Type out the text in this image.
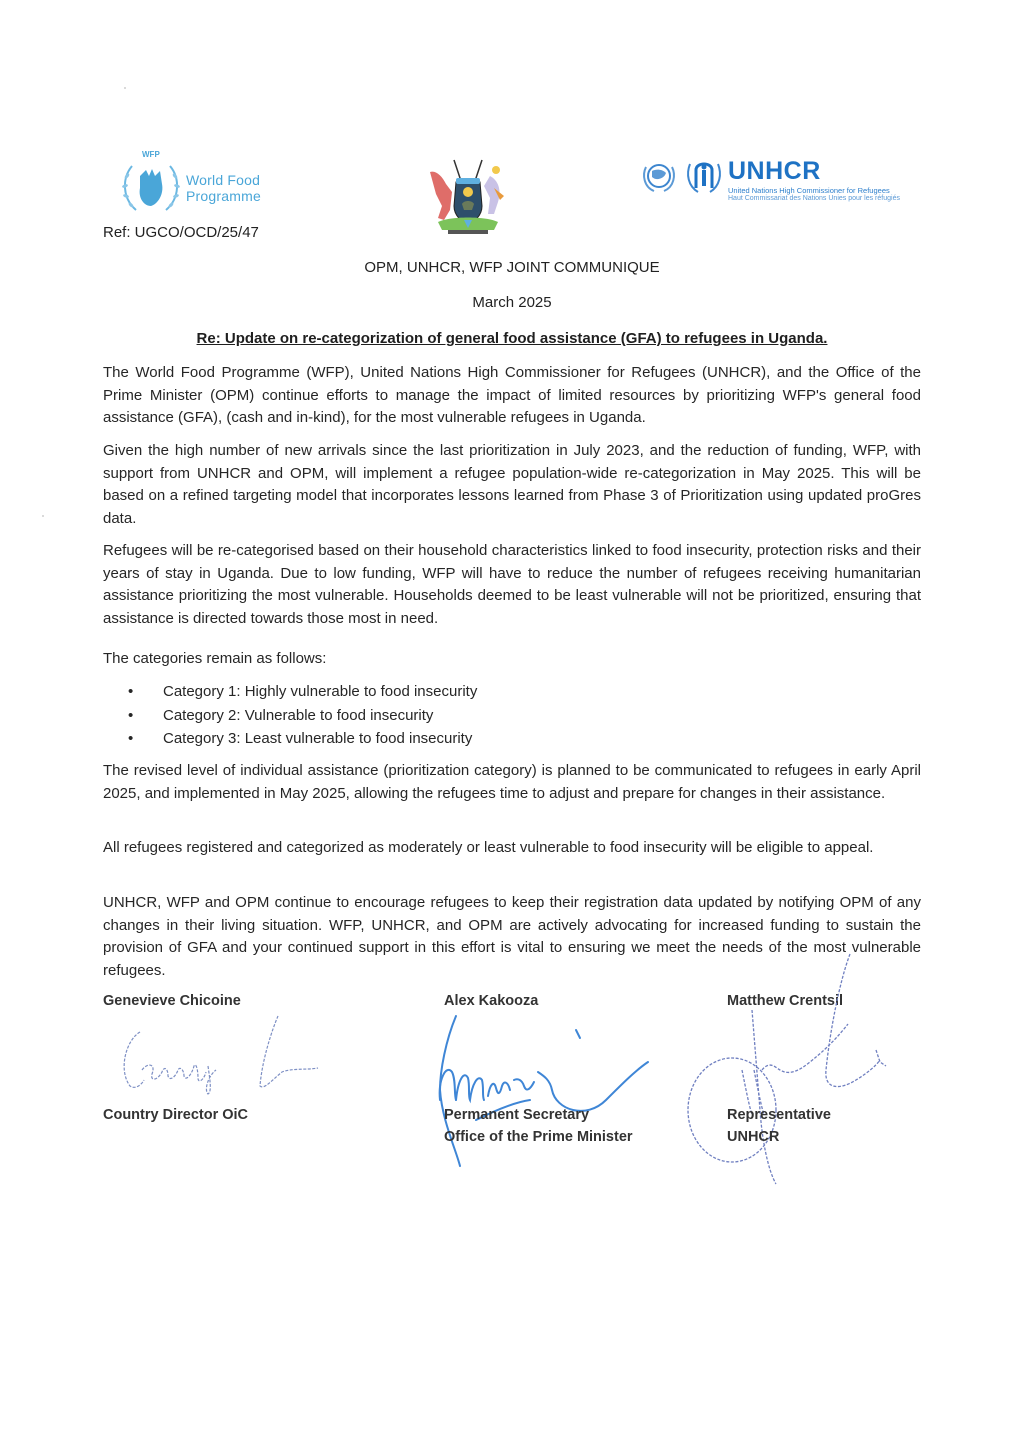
WFP
World Food
Programme
Ref: UGCO/OCD/25/47
UNHCR
United Nations High Commissioner for Refugees
Haut Commissariat des Nations Unies pour les réfugiés
OPM, UNHCR, WFP JOINT COMMUNIQUE
March 2025
Re: Update on re-categorization of general food assistance (GFA) to refugees in Uganda.

The World Food Programme (WFP), United Nations High Commissioner for Refugees (UNHCR), and the Office of the Prime Minister (OPM) continue efforts to manage the impact of limited resources by prioritizing WFP's general food assistance (GFA), (cash and in-kind), for the most vulnerable refugees in Uganda.

Given the high number of new arrivals since the last prioritization in July 2023, and the reduction of funding, WFP, with support from UNHCR and OPM, will implement a refugee population-wide re-categorization in May 2025. This will be based on a refined targeting model that incorporates lessons learned from Phase 3 of Prioritization using updated proGres data.

Refugees will be re-categorised based on their household characteristics linked to food insecurity, protection risks and their years of stay in Uganda. Due to low funding, WFP will have to reduce the number of refugees receiving humanitarian assistance prioritizing the most vulnerable. Households deemed to be least vulnerable will not be prioritized, ensuring that assistance is directed towards those most in need.

The categories remain as follows:

• Category 1: Highly vulnerable to food insecurity
• Category 2: Vulnerable to food insecurity
• Category 3: Least vulnerable to food insecurity

The revised level of individual assistance (prioritization category) is planned to be communicated to refugees in early April 2025, and implemented in May 2025, allowing the refugees time to adjust and prepare for changes in their assistance.

All refugees registered and categorized as moderately or least vulnerable to food insecurity will be eligible to appeal.

UNHCR, WFP and OPM continue to encourage refugees to keep their registration data updated by notifying OPM of any changes in their living situation. WFP, UNHCR, and OPM are actively advocating for increased funding to sustain the provision of GFA and your continued support in this effort is vital to ensuring we meet the needs of the most vulnerable refugees.

Genevieve Chicoine
Country Director OiC
Alex Kakooza
Permanent Secretary
Office of the Prime Minister
Matthew Crentsil
Representative
UNHCR
